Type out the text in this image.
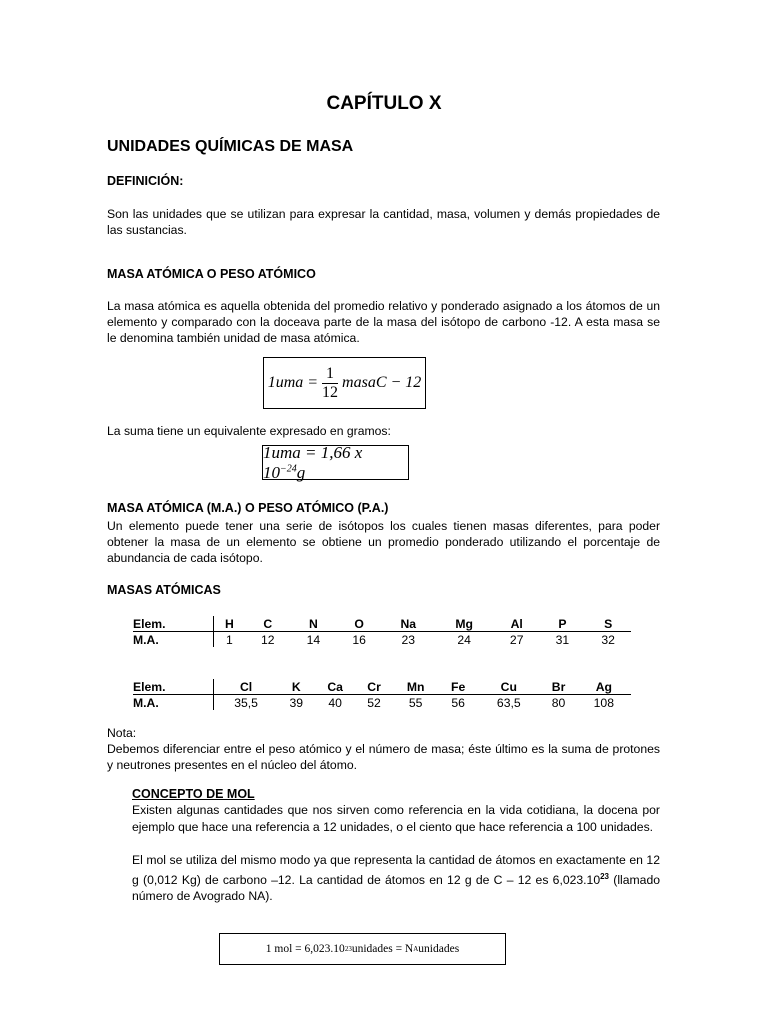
CAPÍTULO X
UNIDADES QUÍMICAS DE MASA
DEFINICIÓN:
Son las unidades que se utilizan para expresar la cantidad, masa, volumen y demás propiedades de las sustancias.
MASA ATÓMICA O PESO ATÓMICO
La masa atómica es aquella obtenida del promedio relativo y ponderado asignado a los átomos de un elemento y comparado con la doceava parte de la masa del isótopo de carbono -12. A esta masa se le denomina también unidad de masa atómica.
$1uma = \frac{1}{12}$ masaC − 12
La suma tiene un equivalente expresado en gramos:
1uma = 1,66 x $10^{-24}g$
MASA ATÓMICA (M.A.) O PESO ATÓMICO (P.A.)
Un elemento puede tener una serie de isótopos los cuales tienen masas diferentes, para poder obtener la masa de un elemento se obtiene un promedio ponderado utilizando el porcentaje de abundancia de cada isótopo.
MASAS ATÓMICAS
Elem.		H	C	N	O	Na	Mg	Al	P	S
M.A.		1	12	14	16	23	24	27	31	32
Elem.		Cl	K	Ca	Cr	Mn	Fe	Cu	Br	Ag
M.A.		35,5	39	40	52	55	56	63,5	80	108
Nota:
Debemos diferenciar entre el peso atómico y el número de masa; éste último es la suma de protones y neutrones presentes en el núcleo del átomo.
CONCEPTO DE MOL
Existen algunas cantidades que nos sirven como referencia en la vida cotidiana, la docena por ejemplo que hace una referencia a 12 unidades, o el ciento que hace referencia a 100 unidades.
El mol se utiliza del mismo modo ya que representa la cantidad de átomos en exactamente en 12 g (0,012 Kg) de carbono –12. La cantidad de átomos en 12 g de C – 12 es 6,023.10$^{23}$ (llamado número de Avogrado NA).
1 mol = 6,023.10 23 unidades = N A unidades
